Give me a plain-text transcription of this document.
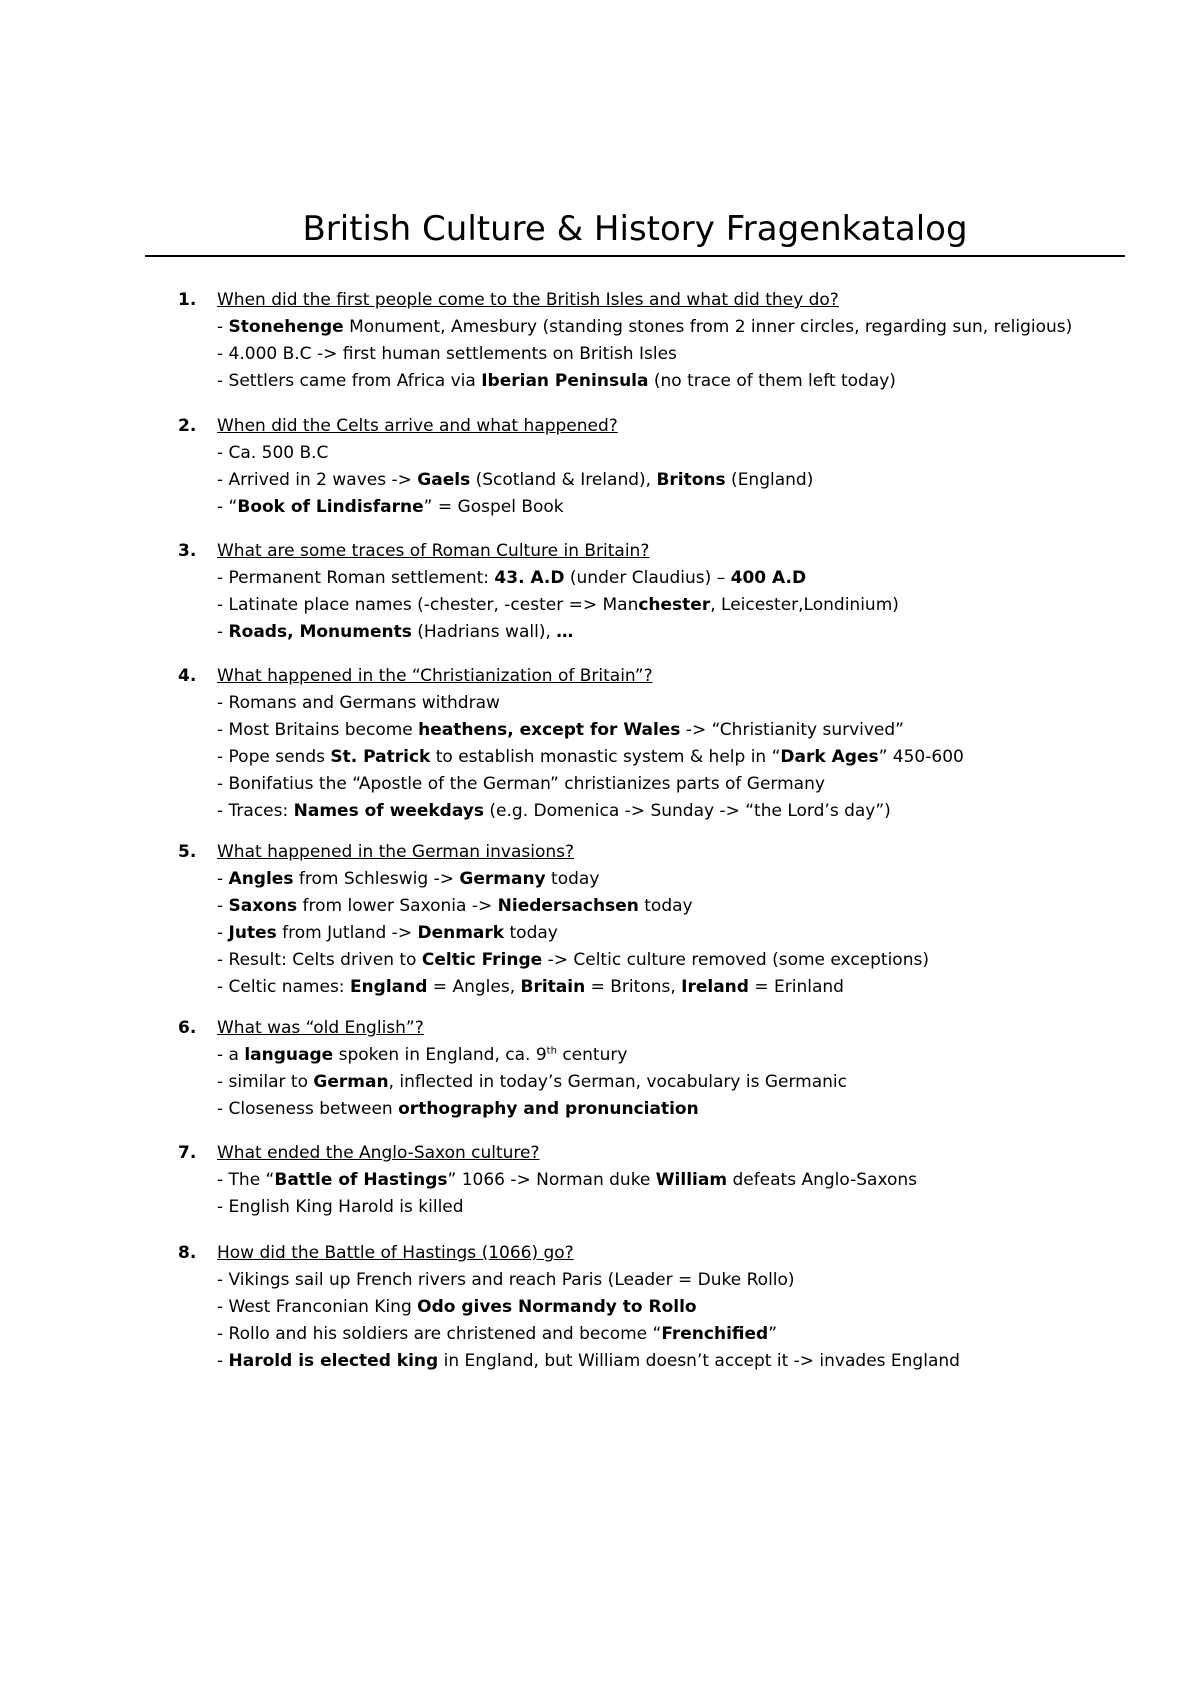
British Culture & History Fragenkatalog
1.	When did the first people come to the British Isles and what did they do?
- Stonehenge Monument, Amesbury (standing stones from 2 inner circles, regarding sun, religious)
- 4.000 B.C -> first human settlements on British Isles
- Settlers came from Africa via Iberian Peninsula (no trace of them left today)
2.	When did the Celts arrive and what happened?
- Ca. 500 B.C
- Arrived in 2 waves -> Gaels (Scotland & Ireland), Britons (England)
- “Book of Lindisfarne” = Gospel Book
3.	What are some traces of Roman Culture in Britain?
- Permanent Roman settlement: 43. A.D (under Claudius) – 400 A.D
- Latinate place names (-chester, -cester => Manchester, Leicester,Londinium)
- Roads, Monuments (Hadrians wall), …
4.	What happened in the “Christianization of Britain”?
- Romans and Germans withdraw
- Most Britains become heathens, except for Wales -> “Christianity survived”
- Pope sends St. Patrick to establish monastic system & help in “Dark Ages” 450-600
- Bonifatius the “Apostle of the German” christianizes parts of Germany
- Traces: Names of weekdays (e.g. Domenica -> Sunday -> “the Lord’s day”)
5.	What happened in the German invasions?
- Angles from Schleswig -> Germany today
- Saxons from lower Saxonia -> Niedersachsen today
- Jutes from Jutland -> Denmark today
- Result: Celts driven to Celtic Fringe -> Celtic culture removed (some exceptions)
- Celtic names: England = Angles, Britain = Britons, Ireland = Erinland
6.	What was “old English”?
- a language spoken in England, ca. 9th century
- similar to German, inflected in today’s German, vocabulary is Germanic
- Closeness between orthography and pronunciation
7.	What ended the Anglo-Saxon culture?
- The “Battle of Hastings” 1066 -> Norman duke William defeats Anglo-Saxons
- English King Harold is killed
8.	How did the Battle of Hastings (1066) go?
- Vikings sail up French rivers and reach Paris (Leader = Duke Rollo)
- West Franconian King Odo gives Normandy to Rollo
- Rollo and his soldiers are christened and become “Frenchified”
- Harold is elected king in England, but William doesn’t accept it -> invades England
